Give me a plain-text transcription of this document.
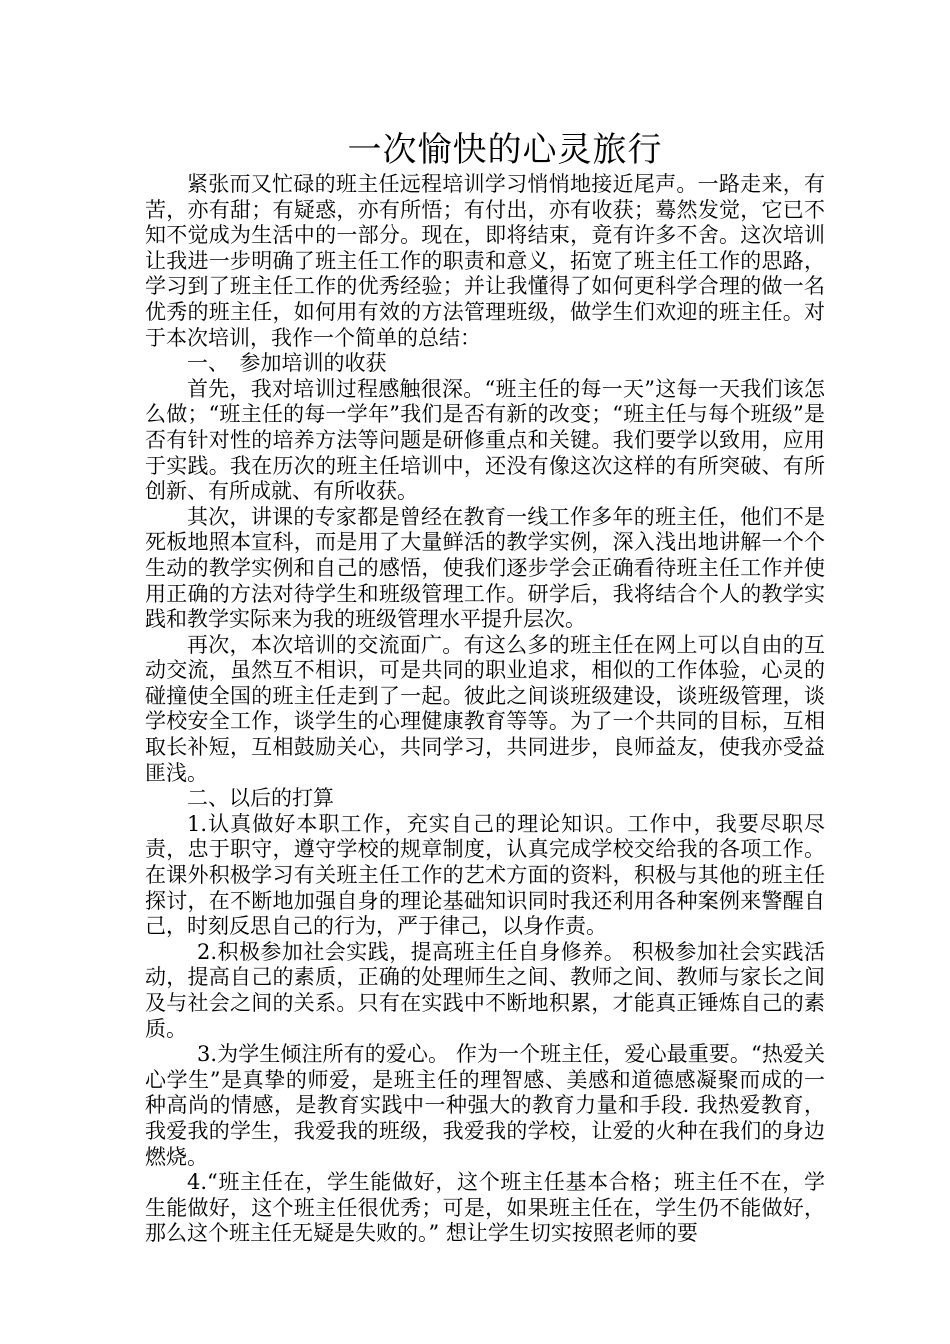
一次愉快的心灵旅行

紧张而又忙碌的班主任远程培训学习悄悄地接近尾声。一路走来，有苦，亦有甜；有疑惑，亦有所悟；有付出，亦有收获；蓦然发觉，它已不知不觉成为生活中的一部分。现在，即将结束，竟有许多不舍。这次培训让我进一步明确了班主任工作的职责和意义，拓宽了班主任工作的思路，学习到了班主任工作的优秀经验；并让我懂得了如何更科学合理的做一名优秀的班主任，如何用有效的方法管理班级，做学生们欢迎的班主任。对于本次培训，我作一个简单的总结：

一、　参加培训的收获

首先，我对培训过程感触很深。“班主任的每一天”这每一天我们该怎么做；“班主任的每一学年”我们是否有新的改变；“班主任与每个班级”是否有针对性的培养方法等问题是研修重点和关键。我们要学以致用，应用于实践。我在历次的班主任培训中，还没有像这次这样的有所突破、有所创新、有所成就、有所收获。

其次，讲课的专家都是曾经在教育一线工作多年的班主任，他们不是死板地照本宣科，而是用了大量鲜活的教学实例，深入浅出地讲解一个个生动的教学实例和自己的感悟，使我们逐步学会正确看待班主任工作并使用正确的方法对待学生和班级管理工作。研学后，我将结合个人的教学实践和教学实际来为我的班级管理水平提升层次。

再次，本次培训的交流面广。有这么多的班主任在网上可以自由的互动交流，虽然互不相识，可是共同的职业追求，相似的工作体验，心灵的碰撞使全国的班主任走到了一起。彼此之间谈班级建设，谈班级管理，谈学校安全工作，谈学生的心理健康教育等等。为了一个共同的目标，互相取长补短，互相鼓励关心，共同学习，共同进步，良师益友，使我亦受益匪浅。

二、以后的打算

1.认真做好本职工作，充实自己的理论知识。工作中，我要尽职尽责，忠于职守，遵守学校的规章制度，认真完成学校交给我的各项工作。在课外积极学习有关班主任工作的艺术方面的资料，积极与其他的班主任探讨，在不断地加强自身的理论基础知识同时我还利用各种案例来警醒自己，时刻反思自己的行为，严于律己，以身作责。

2.积极参加社会实践，提高班主任自身修养。 积极参加社会实践活动，提高自己的素质，正确的处理师生之间、教师之间、教师与家长之间及与社会之间的关系。只有在实践中不断地积累，才能真正锤炼自己的素质。

3.为学生倾注所有的爱心。 作为一个班主任，爱心最重要。“热爱关心学生”是真挚的师爱，是班主任的理智感、美感和道德感凝聚而成的一种高尚的情感，是教育实践中一种强大的教育力量和手段. 我热爱教育，我爱我的学生，我爱我的班级，我爱我的学校，让爱的火种在我们的身边燃烧。

4.“班主任在，学生能做好，这个班主任基本合格；班主任不在，学生能做好，这个班主任很优秀；可是，如果班主任在，学生仍不能做好，那么这个班主任无疑是失败的。” 想让学生切实按照老师的要
